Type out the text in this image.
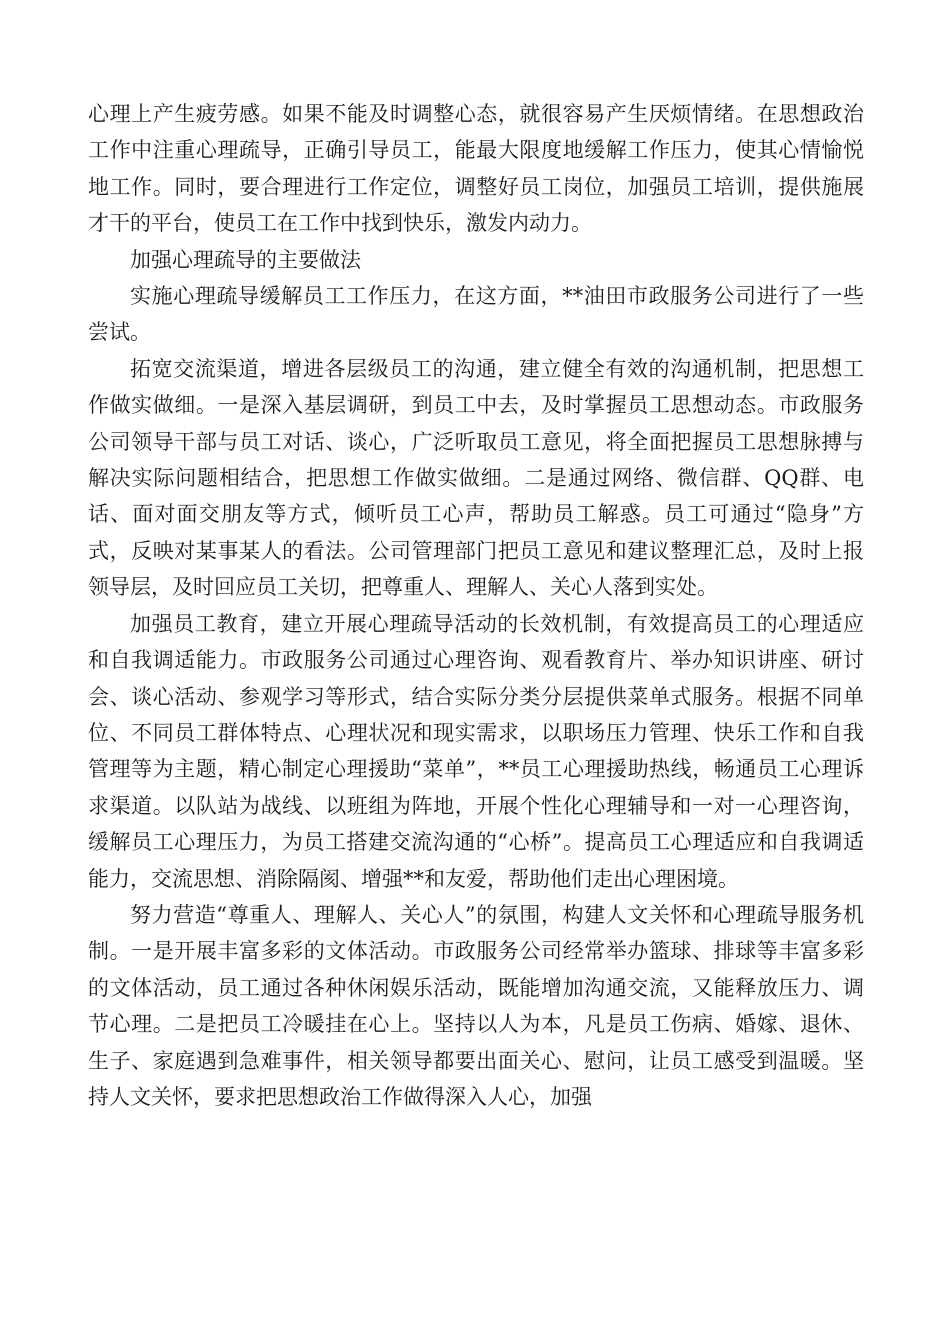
心理上产生疲劳感。如果不能及时调整心态，就很容易产生厌烦情绪。在思想政治工作中注重心理疏导，正确引导员工，能最大限度地缓解工作压力，使其心情愉悦地工作。同时，要合理进行工作定位，调整好员工岗位，加强员工培训，提供施展才干的平台，使员工在工作中找到快乐，激发内动力。

加强心理疏导的主要做法

实施心理疏导缓解员工工作压力，在这方面，**油田市政服务公司进行了一些尝试。

拓宽交流渠道，增进各层级员工的沟通，建立健全有效的沟通机制，把思想工作做实做细。一是深入基层调研，到员工中去，及时掌握员工思想动态。市政服务公司领导干部与员工对话、谈心，广泛听取员工意见，将全面把握员工思想脉搏与解决实际问题相结合，把思想工作做实做细。二是通过网络、微信群、QQ群、电话、面对面交朋友等方式，倾听员工心声，帮助员工解惑。员工可通过“隐身”方式，反映对某事某人的看法。公司管理部门把员工意见和建议整理汇总，及时上报领导层，及时回应员工关切，把尊重人、理解人、关心人落到实处。

加强员工教育，建立开展心理疏导活动的长效机制，有效提高员工的心理适应和自我调适能力。市政服务公司通过心理咨询、观看教育片、举办知识讲座、研讨会、谈心活动、参观学习等形式，结合实际分类分层提供菜单式服务。根据不同单位、不同员工群体特点、心理状况和现实需求，以职场压力管理、快乐工作和自我管理等为主题，精心制定心理援助“菜单”，**员工心理援助热线，畅通员工心理诉求渠道。以队站为战线、以班组为阵地，开展个性化心理辅导和一对一心理咨询，缓解员工心理压力，为员工搭建交流沟通的“心桥”。提高员工心理适应和自我调适能力，交流思想、消除隔阂、增强**和友爱，帮助他们走出心理困境。

努力营造“尊重人、理解人、关心人”的氛围，构建人文关怀和心理疏导服务机制。一是开展丰富多彩的文体活动。市政服务公司经常举办篮球、排球等丰富多彩的文体活动，员工通过各种休闲娱乐活动，既能增加沟通交流，又能释放压力、调节心理。二是把员工冷暖挂在心上。坚持以人为本，凡是员工伤病、婚嫁、退休、生子、家庭遇到急难事件，相关领导都要出面关心、慰问，让员工感受到温暖。坚持人文关怀，要求把思想政治工作做得深入人心，加强
